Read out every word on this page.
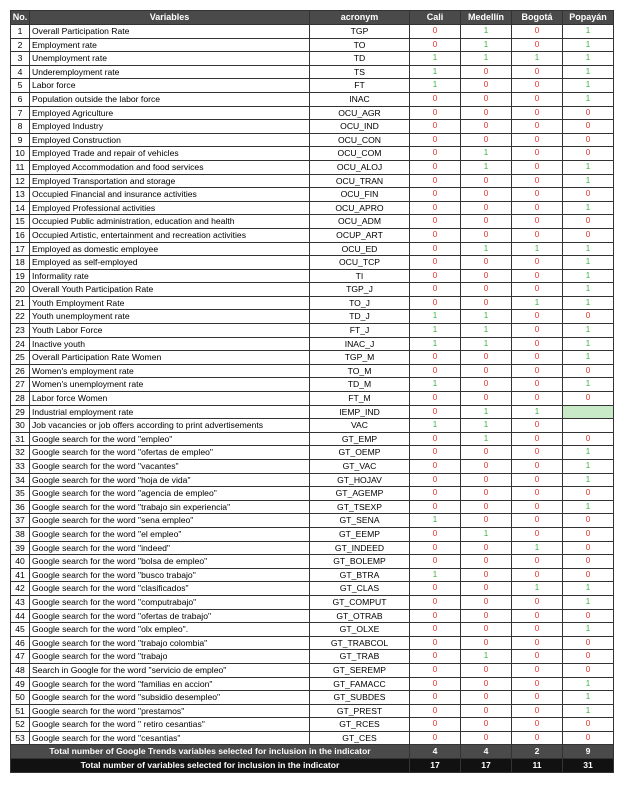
No.	Variables	acronym	Cali	Medellín	Bogotá	Popayán
1	Overall Participation Rate	TGP	0	1	0	1
2	Employment rate	TO	0	1	0	1
3	Unemployment rate	TD	1	1	1	1
4	Underemployment rate	TS	1	0	0	1
5	Labor force	FT	1	0	0	1
6	Population outside the labor force	INAC	0	0	0	1
7	Employed Agriculture	OCU_AGR	0	0	0	0
8	Employed Industry	OCU_IND	0	0	0	0
9	Employed Construction	OCU_CON	0	0	0	0
10	Employed Trade and repair of vehicles	OCU_COM	0	1	0	0
11	Employed Accommodation and food services	OCU_ALOJ	0	1	0	1
12	Employed Transportation and storage	OCU_TRAN	0	0	0	1
13	Occupied Financial and insurance activities	OCU_FIN	0	0	0	0
14	Employed Professional activities	OCU_APRO	0	0	0	1
15	Occupied Public administration, education and health	OCU_ADM	0	0	0	0
16	Occupied Artistic, entertainment and recreation activities	OCUP_ART	0	0	0	0
17	Employed as domestic employee	OCU_ED	0	1	1	1
18	Employed as self-employed	OCU_TCP	0	0	0	1
19	Informality rate	TI	0	0	0	1
20	Overall Youth Participation Rate	TGP_J	0	0	0	1
21	Youth Employment Rate	TO_J	0	0	1	1
22	Youth unemployment rate	TD_J	1	1	0	0
23	Youth Labor Force	FT_J	1	1	0	1
24	Inactive youth	INAC_J	1	1	0	1
25	Overall Participation Rate Women	TGP_M	0	0	0	1
26	Women's employment rate	TO_M	0	0	0	0
27	Women's unemployment rate	TD_M	1	0	0	1
28	Labor force Women	FT_M	0	0	0	0
29	Industrial employment rate	IEMP_IND	0	1	1	
30	Job vacancies or job offers according to print advertisements	VAC	1	1	0	
31	Google search for the word "empleo"	GT_EMP	0	1	0	0
32	Google search for the word "ofertas de empleo"	GT_OEMP	0	0	0	1
33	Google search for the word "vacantes"	GT_VAC	0	0	0	1
34	Google search for the word "hoja de vida"	GT_HOJAV	0	0	0	1
35	Google search for the word "agencia de empleo"	GT_AGEMP	0	0	0	0
36	Google search for the word "trabajo sin experiencia"	GT_TSEXP	0	0	0	1
37	Google search for the word "sena empleo"	GT_SENA	1	0	0	0
38	Google search for the word "el empleo"	GT_EEMP	0	1	0	0
39	Google search for the word "indeed"	GT_INDEED	0	0	1	0
40	Google search for the word "bolsa de empleo"	GT_BOLEMP	0	0	0	0
41	Google search for the word "busco trabajo"	GT_BTRA	1	0	0	0
42	Google search for the word "clasificados"	GT_CLAS	0	0	1	1
43	Google search for the word "computrabajo"	GT_COMPUT	0	0	0	1
44	Google search for the word "ofertas de trabajo"	GT_OTRAB	0	0	0	0
45	Google search for the word "olx empleo".	GT_OLXE	0	0	0	1
46	Google search for the word "trabajo colombia"	GT_TRABCOL	0	0	0	0
47	Google search for the word "trabajo	GT_TRAB	0	1	0	0
48	Search in Google for the word "servicio de empleo"	GT_SEREMP	0	0	0	0
49	Google search for the word "familias en accion"	GT_FAMACC	0	0	0	1
50	Google search for the word "subsidio desempleo"	GT_SUBDES	0	0	0	1
51	Google search for the word "prestamos"	GT_PREST	0	0	0	1
52	Google search for the word " retiro cesantias"	GT_RCES	0	0	0	0
53	Google search for the word "cesantias"	GT_CES	0	0	0	0
Total number of Google Trends variables selected for inclusion in the indicator			4	4	2	9
Total number of variables selected for inclusion in the indicator			17	17	11	31
